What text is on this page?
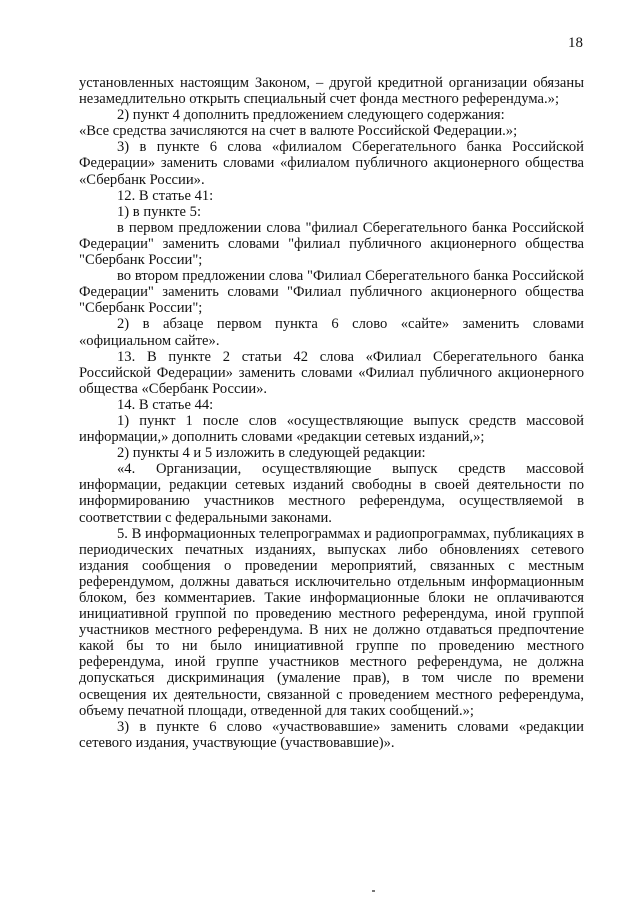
18

установленных настоящим Законом, – другой кредитной организации обязаны незамедлительно открыть специальный счет фонда местного референдума.»;

2) пункт 4 дополнить предложением следующего содержания:

«Все средства зачисляются на счет в валюте Российской Федерации.»;

3) в пункте 6 слова «филиалом Сберегательного банка Российской Федерации» заменить словами «филиалом публичного акционерного общества «Сбербанк России».

12. В статье 41:

1) в пункте 5:

в первом предложении слова "филиал Сберегательного банка Российской Федерации" заменить словами "филиал публичного акционерного общества "Сбербанк России";

во втором предложении слова "Филиал Сберегательного банка Российской Федерации" заменить словами "Филиал публичного акционерного общества "Сбербанк России";

2) в абзаце первом пункта 6 слово «сайте» заменить словами «официальном сайте».

13. В пункте 2 статьи 42 слова «Филиал Сберегательного банка Российской Федерации» заменить словами «Филиал публичного акционерного общества «Сбербанк России».

14. В статье 44:

1) пункт 1 после слов «осуществляющие выпуск средств массовой информации,» дополнить словами «редакции сетевых изданий,»;

2) пункты 4 и 5 изложить в следующей редакции:

«4. Организации, осуществляющие выпуск средств массовой информации, редакции сетевых изданий свободны в своей деятельности по информированию участников местного референдума, осуществляемой в соответствии с федеральными законами.

5. В информационных телепрограммах и радиопрограммах, публикациях в периодических печатных изданиях, выпусках либо обновлениях сетевого издания сообщения о проведении мероприятий, связанных с местным референдумом, должны даваться исключительно отдельным информационным блоком, без комментариев. Такие информационные блоки не оплачиваются инициативной группой по проведению местного референдума, иной группой участников местного референдума. В них не должно отдаваться предпочтение какой бы то ни было инициативной группе по проведению местного референдума, иной группе участников местного референдума, не должна допускаться дискриминация (умаление прав), в том числе по времени освещения их деятельности, связанной с проведением местного референдума, объему печатной площади, отведенной для таких сообщений.»;

3) в пункте 6 слово «участвовавшие» заменить словами «редакции сетевого издания, участвующие (участвовавшие)».
